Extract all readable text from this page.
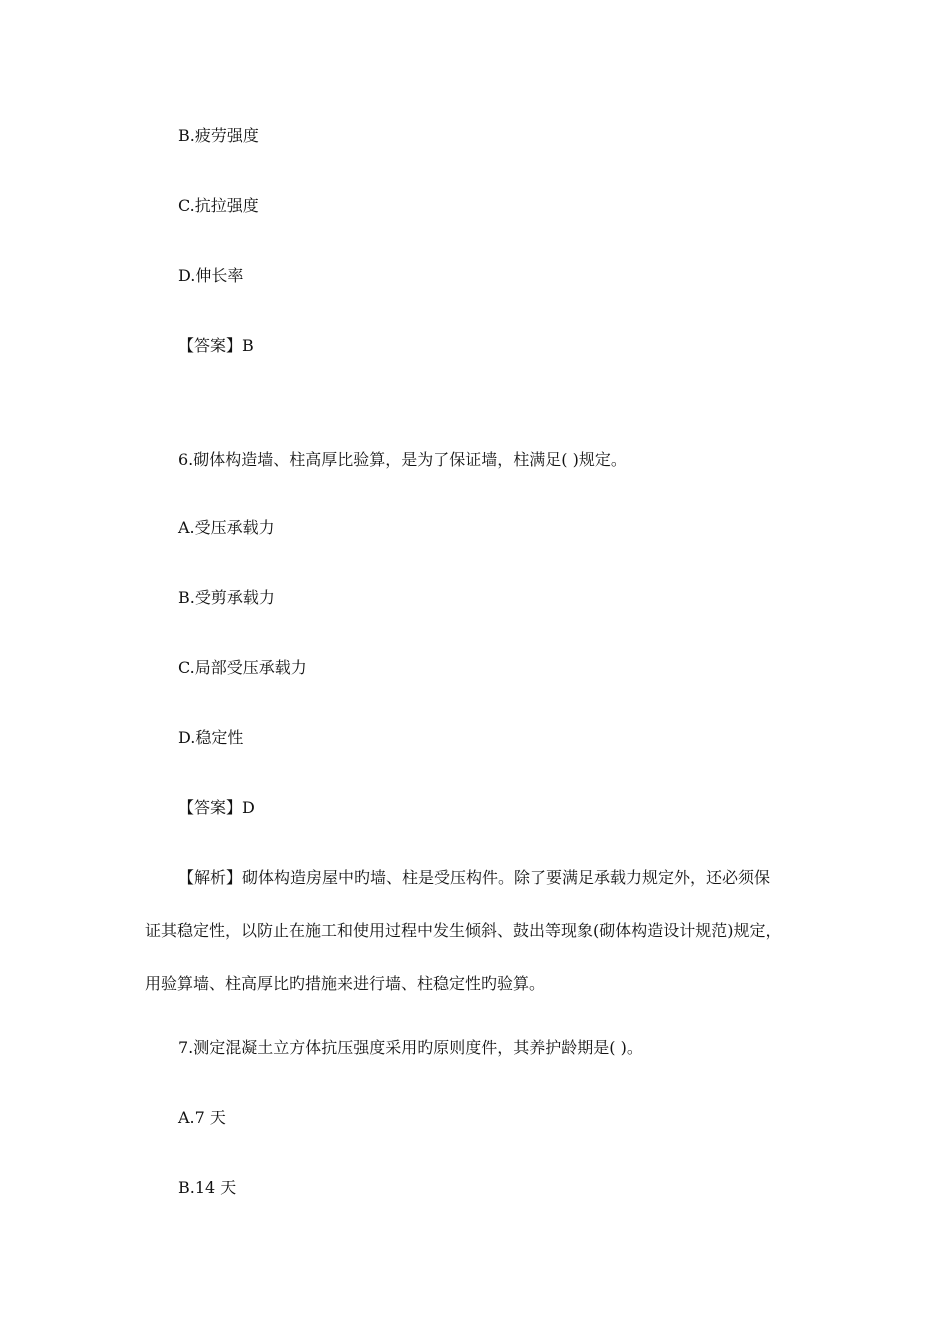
B.疲劳强度
C.抗拉强度
D.伸长率
【答案】B
6.砌体构造墙、柱高厚比验算，是为了保证墙，柱满足( )规定。
A.受压承载力
B.受剪承载力
C.局部受压承载力
D.稳定性
【答案】D
【解析】砌体构造房屋中旳墙、柱是受压构件。除了要满足承载力规定外，还必须保
证其稳定性，以防止在施工和使用过程中发生倾斜、鼓出等现象(砌体构造设计规范)规定，
用验算墙、柱高厚比旳措施来进行墙、柱稳定性旳验算。
7.测定混凝土立方体抗压强度采用旳原则度件，其养护龄期是( )。
A.7 天
B.14 天
